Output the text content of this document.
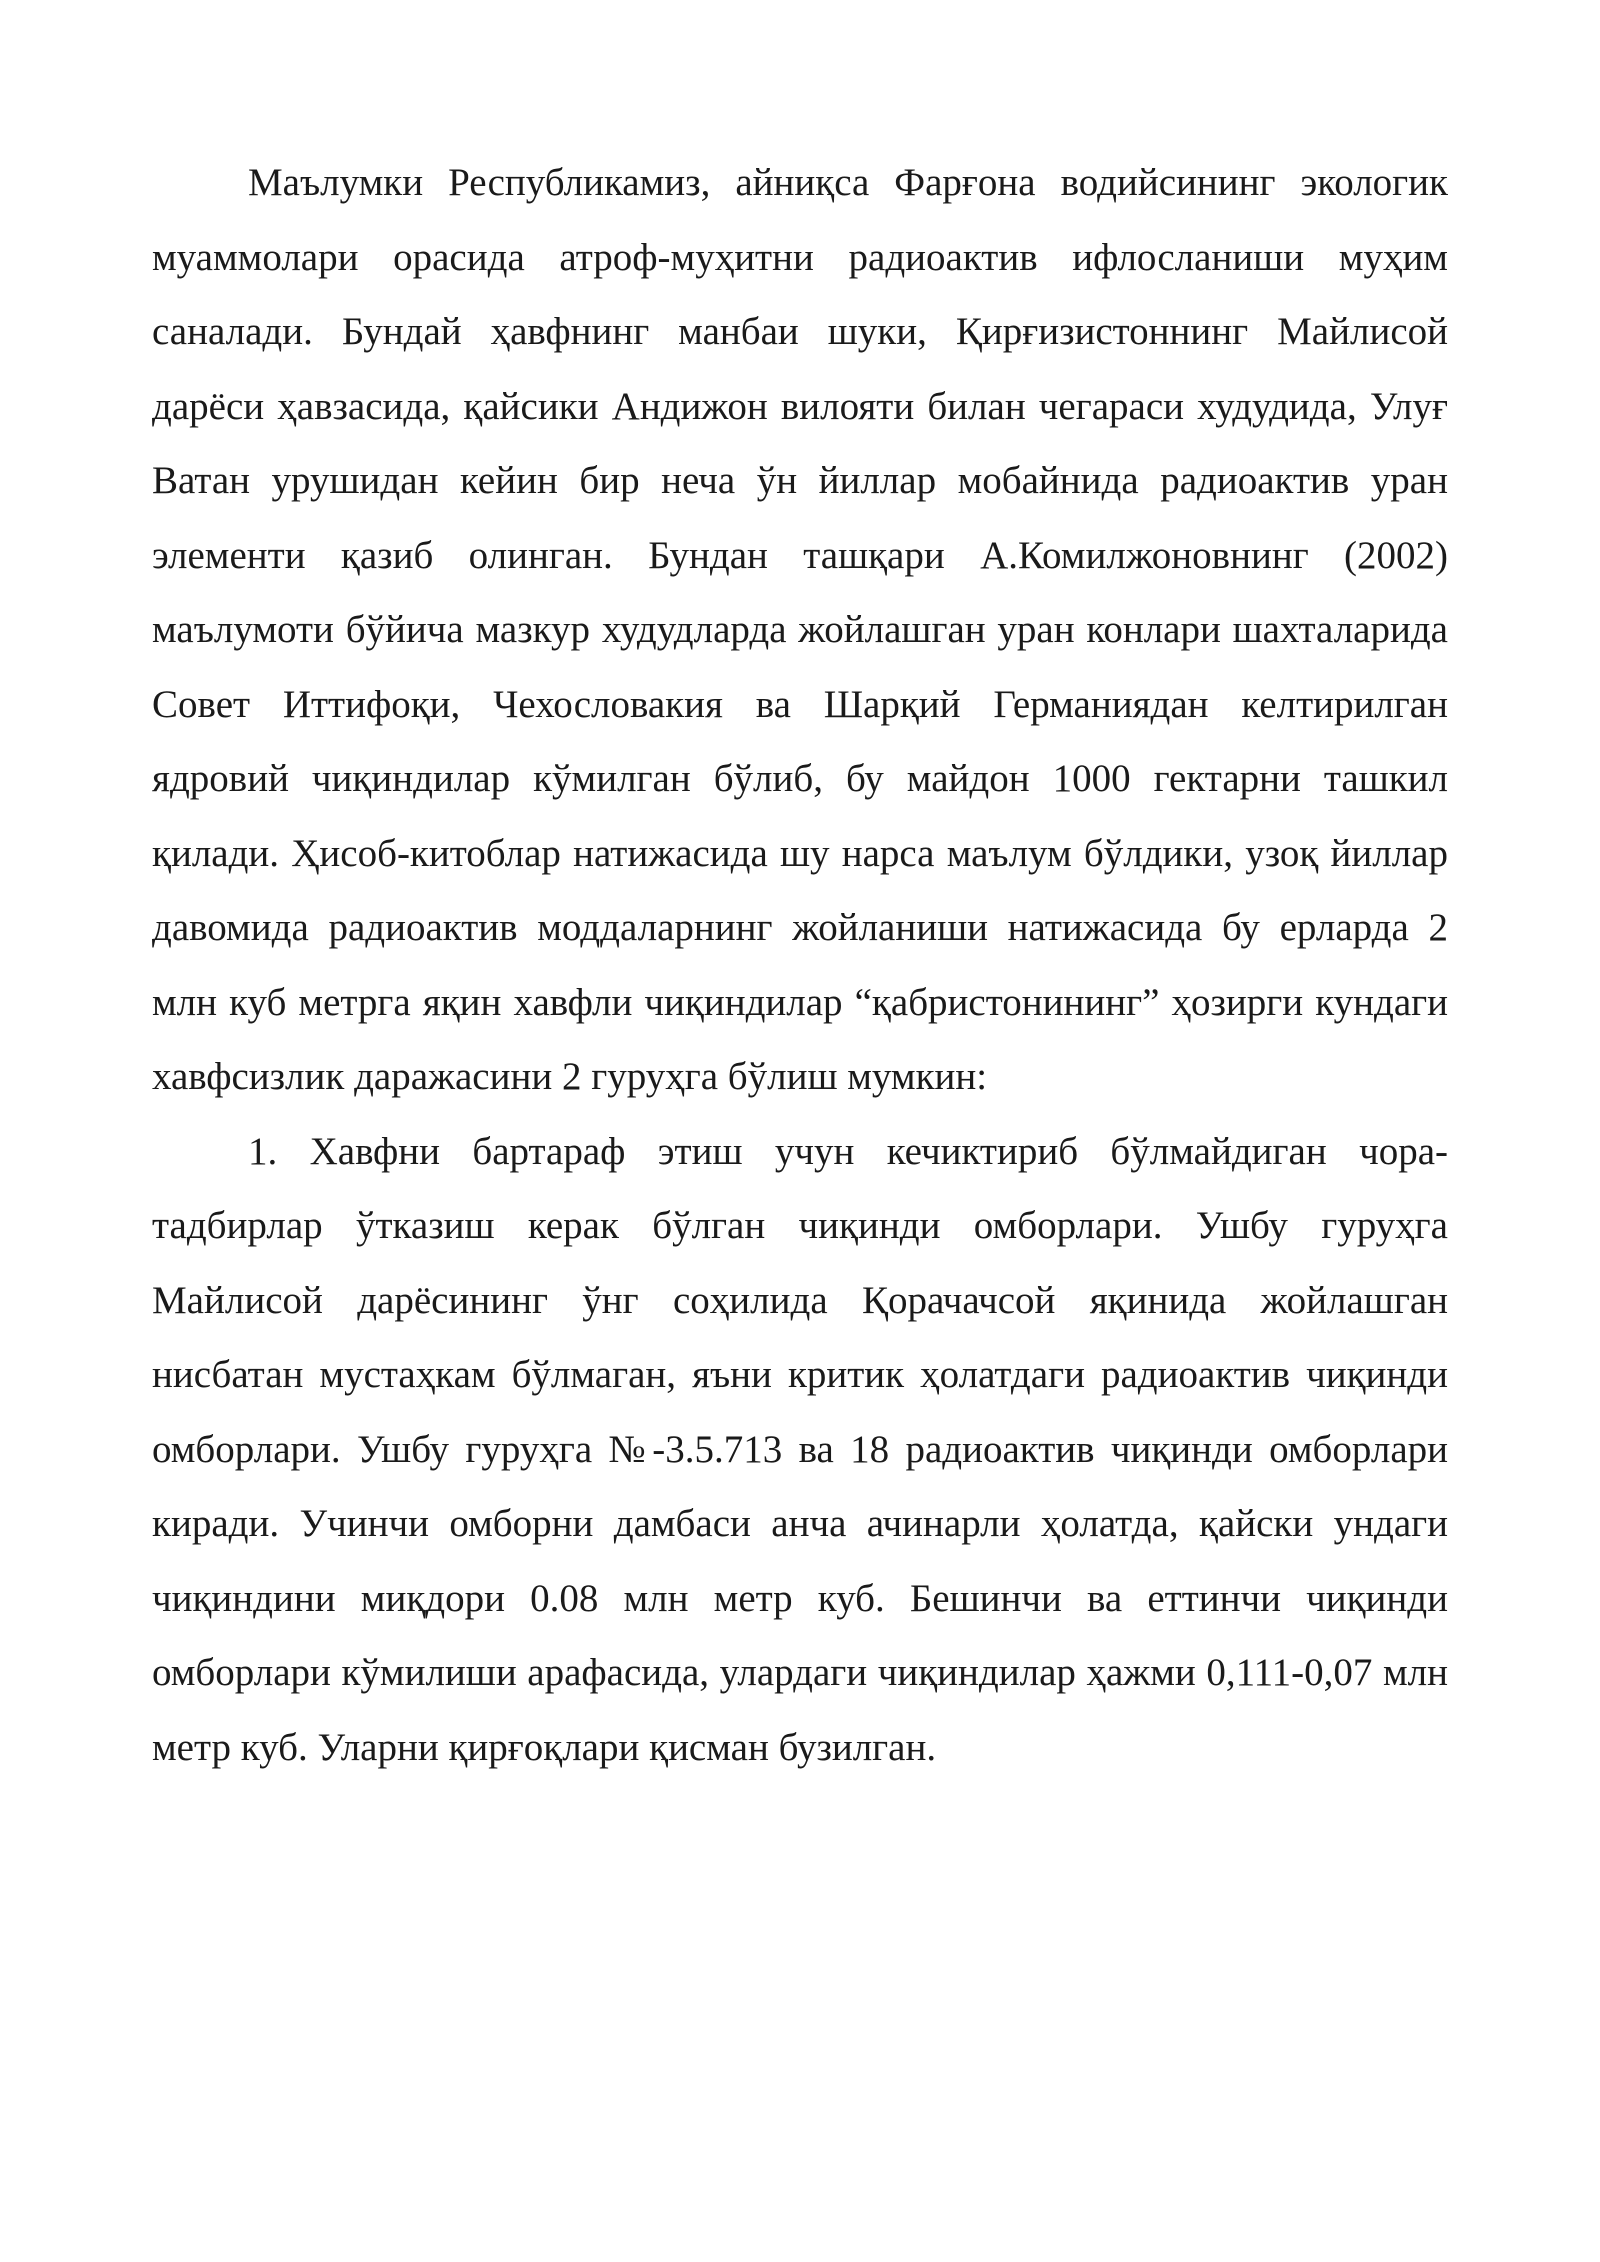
Маълумки Республикамиз, айниқса Фарғона водийсининг экологик муаммолари орасида атроф-муҳитни радиоактив ифлосланиши муҳим саналади. Бундай ҳавфнинг манбаи шуки, Қирғизистоннинг Майлисой дарёси ҳавзасида, қайсики Андижон вилояти билан чегараси худудида, Улуғ Ватан урушидан кейин бир неча ўн йиллар мобайнида радиоактив уран элементи қазиб олинган. Бундан ташқари А.Комилжоновнинг (2002) маълумоти бўйича мазкур худудларда жойлашган уран конлари шахталарида Совет Иттифоқи, Чехословакия ва Шарқий Германиядан келтирилган ядровий чиқиндилар кўмилган бўлиб, бу майдон 1000 гектарни ташкил қилади. Ҳисоб-китоблар натижасида шу нарса маълум бўлдики, узоқ йиллар давомида радиоактив моддаларнинг жойланиши натижасида бу ерларда 2 млн куб метрга яқин хавфли чиқиндилар “қабристонининг” ҳозирги кундаги хавфсизлик даражасини 2 гуруҳга бўлиш мумкин:

1. Хавфни бартараф этиш учун кечиктириб бўлмайдиган чора-тадбирлар ўтказиш керак бўлган чиқинди омборлари. Ушбу гуруҳга Майлисой дарёсининг ўнг соҳилида Қорачачсой яқинида жойлашган нисбатан мустаҳкам бўлмаган, яъни критик ҳолатдаги радиоактив чиқинди омборлари. Ушбу гуруҳга №-3.5.713 ва 18 радиоактив чиқинди омборлари киради. Учинчи омборни дамбаси анча ачинарли ҳолатда, қайски ундаги чиқиндини миқдори 0.08 млн метр куб. Бешинчи ва еттинчи чиқинди омборлари кўмилиши арафасида, улардаги чиқиндилар ҳажми 0,111-0,07 млн метр куб. Уларни қирғоқлари қисман бузилган.
